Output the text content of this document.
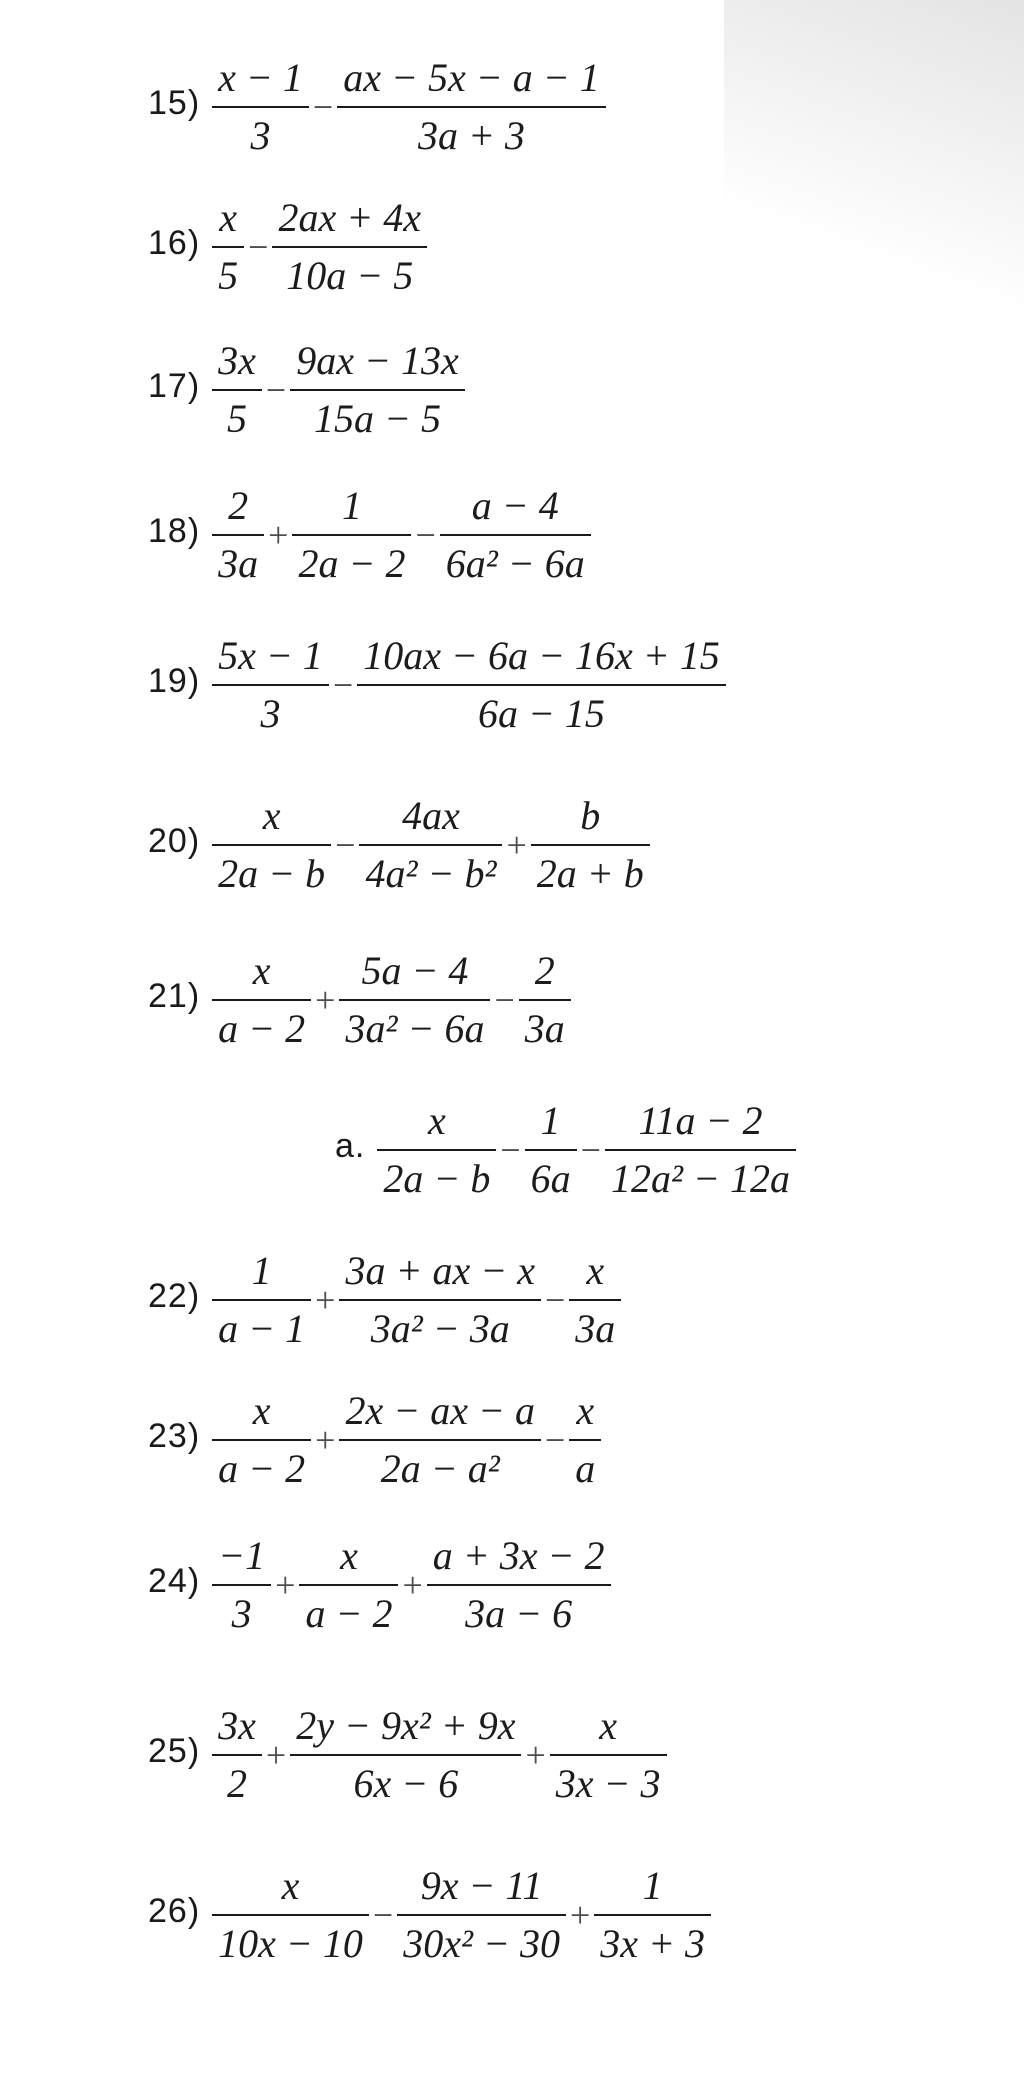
$15) \frac{x - 1}{3} - \frac{ax - 5x - a - 1}{3a + 3}$
$16) \frac{x}{5} - \frac{2ax + 4x}{10a - 5}$
$17) \frac{3x}{5} - \frac{9ax - 13x}{15a - 5}$
$18) \frac{2}{3a} + \frac{1}{2a - 2} - \frac{a - 4}{\text{6a² − 6a}}$
$19) \frac{5x - 1}{3} - \frac{10ax - 6a - 16x + 15}{6a - 15}$
$20) \frac{x}{2a - b} - \frac{4ax}{\text{4a² − b²}} + \frac{b}{2a + b}$
$21) \frac{x}{a - 2} + \frac{5a - 4}{\text{3a² − 6a}} - \frac{2}{3a}$
a. $\frac{x}{2a - b} - \frac{1}{6a} - \frac{11a - 2}{\text{12a² − 12a}}$
$22) \frac{1}{a - 1} + \frac{3a + ax - x}{\text{3a² − 3a}} - \frac{x}{3a}$
$23) \frac{x}{a - 2} + \frac{2x - ax - a}{\text{2a − a²}} - \frac{x}{a}$
$24) \frac{-1}{3} + \frac{x}{a - 2} + \frac{a + 3x - 2}{3a - 6}$
$25) \frac{3x}{2} + \frac{\text{2y − 9x² + 9x}}{6x - 6} + \frac{x}{3x - 3}$
$26) \frac{x}{10x - 10} - \frac{9x - 11}{\text{30x² − 30}} + \frac{1}{3x + 3}$
